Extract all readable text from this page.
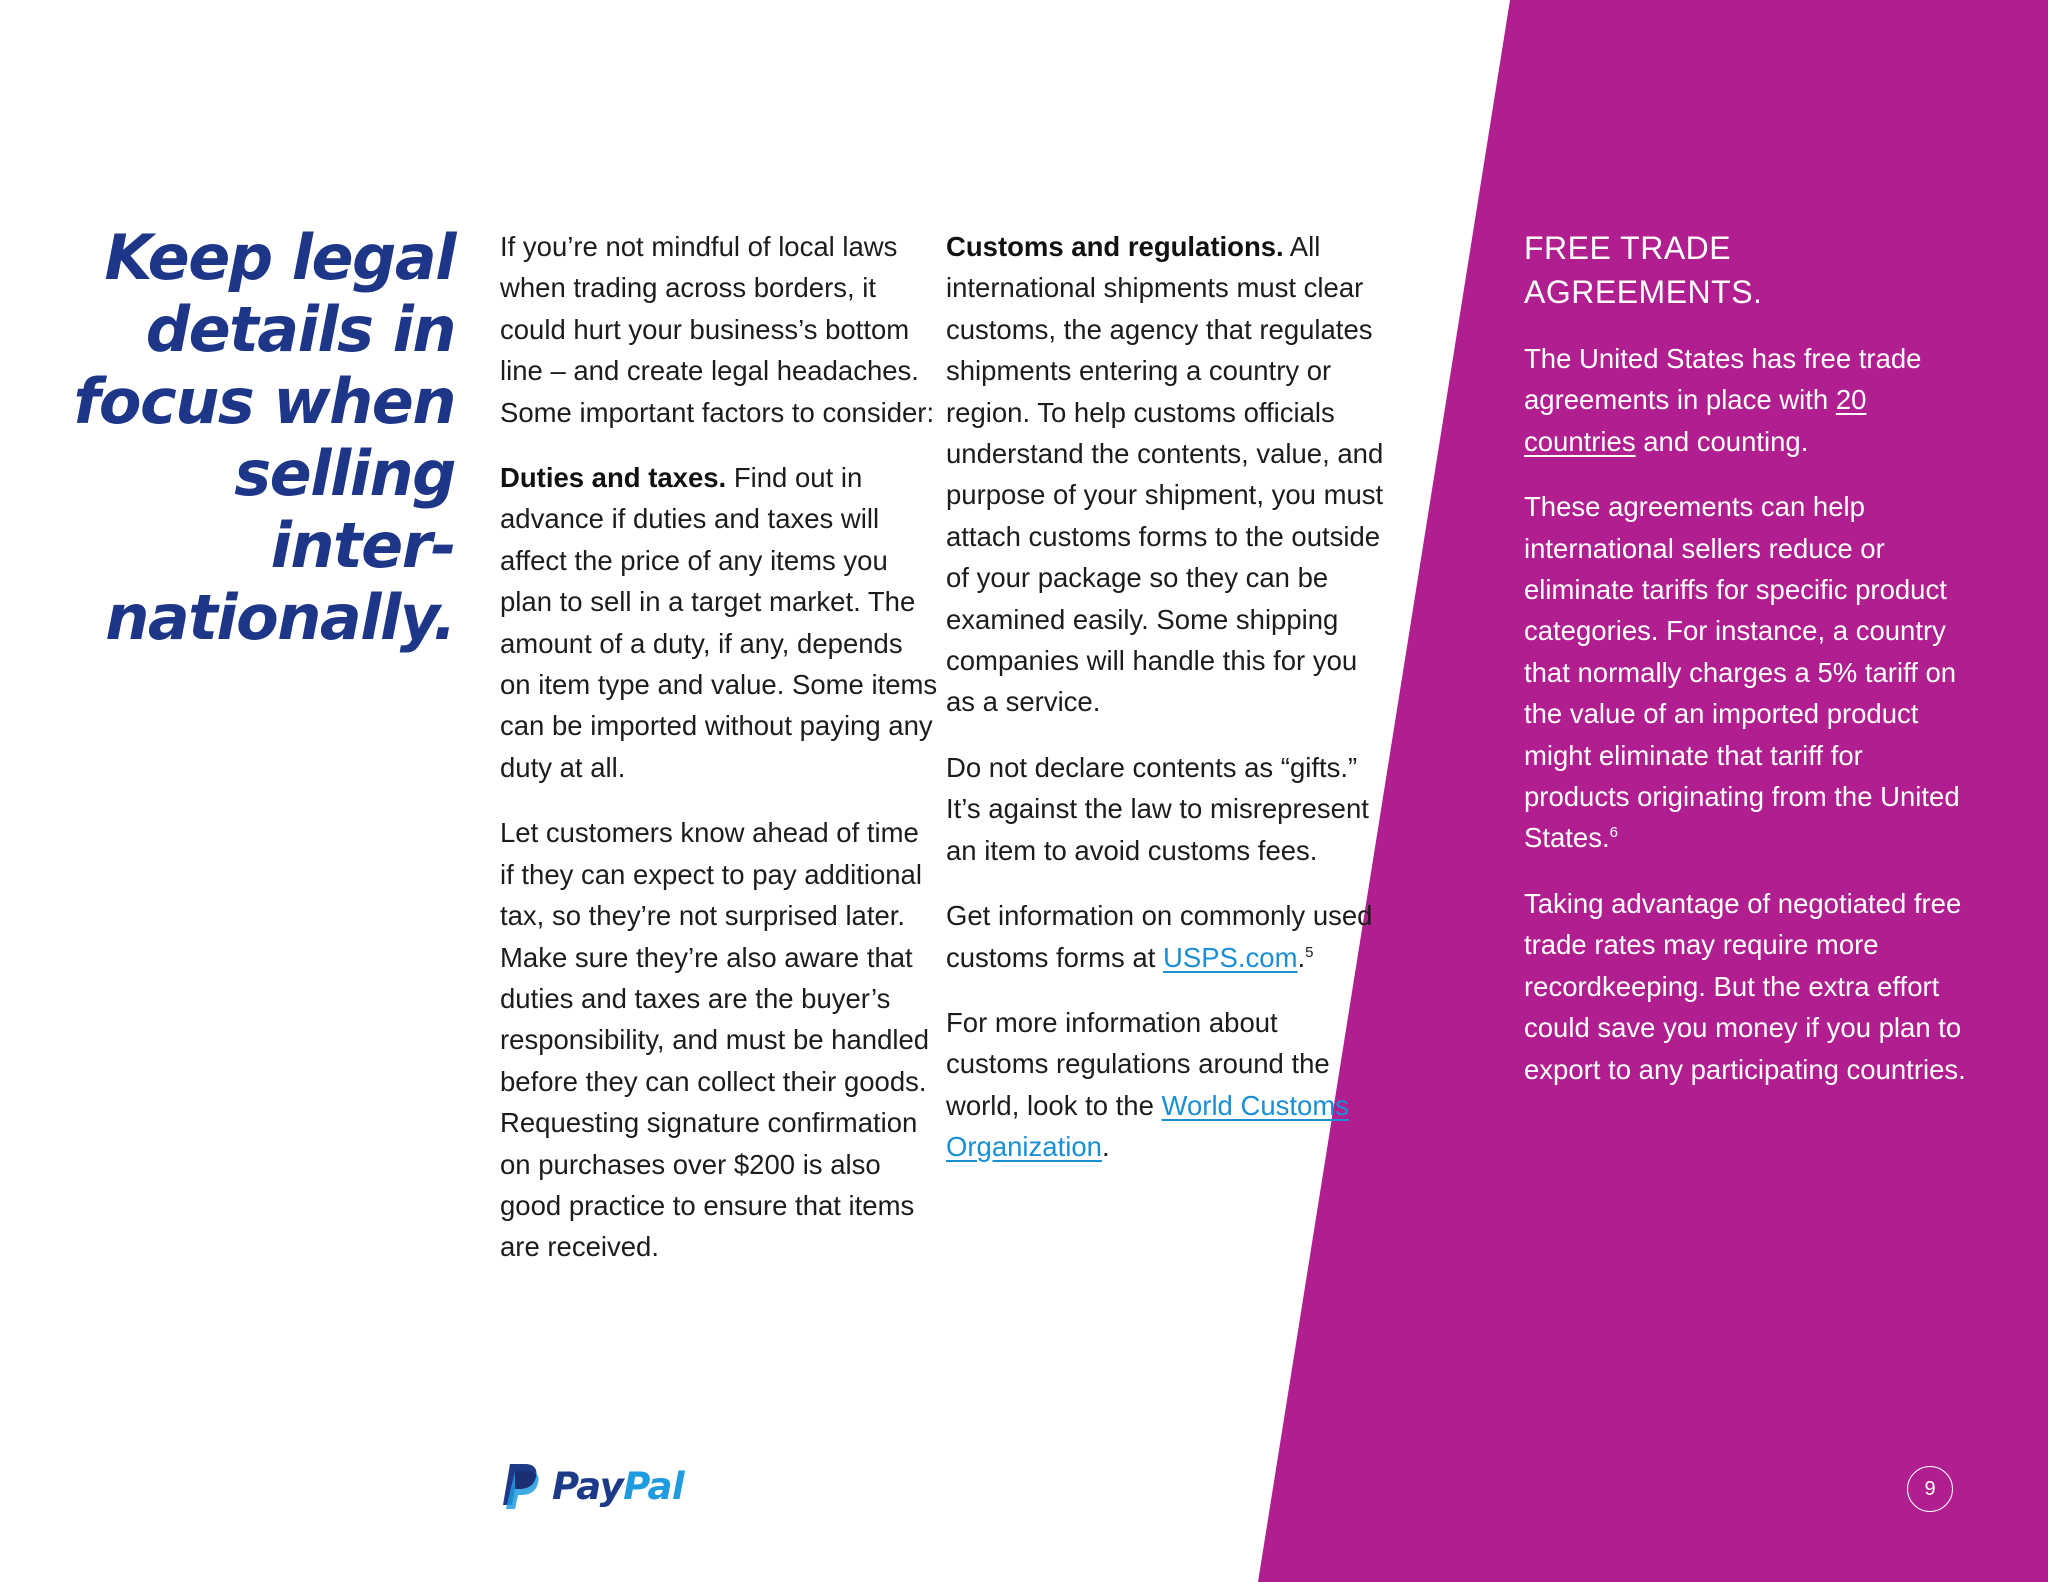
Keep legal
details in
focus when
selling inter-
nationally.

If you’re not mindful of local laws when trading across borders, it could hurt your business’s bottom line – and create legal headaches. Some important factors to consider:

Duties and taxes. Find out in advance if duties and taxes will affect the price of any items you plan to sell in a target market. The amount of a duty, if any, depends on item type and value. Some items can be imported without paying any duty at all.

Let customers know ahead of time if they can expect to pay additional tax, so they’re not surprised later. Make sure they’re also aware that duties and taxes are the buyer’s responsibility, and must be handled before they can collect their goods. Requesting signature confirmation on purchases over $200 is also good practice to ensure that items are received.

Customs and regulations. All international shipments must clear customs, the agency that regulates shipments entering a country or region. To help customs officials understand the contents, value, and purpose of your shipment, you must attach customs forms to the outside of your package so they can be examined easily. Some shipping companies will handle this for you as a service.

Do not declare contents as “gifts.” It’s against the law to misrepresent an item to avoid customs fees.

Get information on commonly used customs forms at USPS.com.$^5$

For more information about customs regulations around the world, look to the World Customs Organization.

FREE TRADE AGREEMENTS.

The United States has free trade agreements in place with 20 countries and counting.

These agreements can help international sellers reduce or eliminate tariffs for specific product categories. For instance, a country that normally charges a 5% tariff on the value of an imported product might eliminate that tariff for products originating from the United States.$^6$

Taking advantage of negotiated free trade rates may require more recordkeeping. But the extra effort could save you money if you plan to export to any participating countries.

PayPal	9
